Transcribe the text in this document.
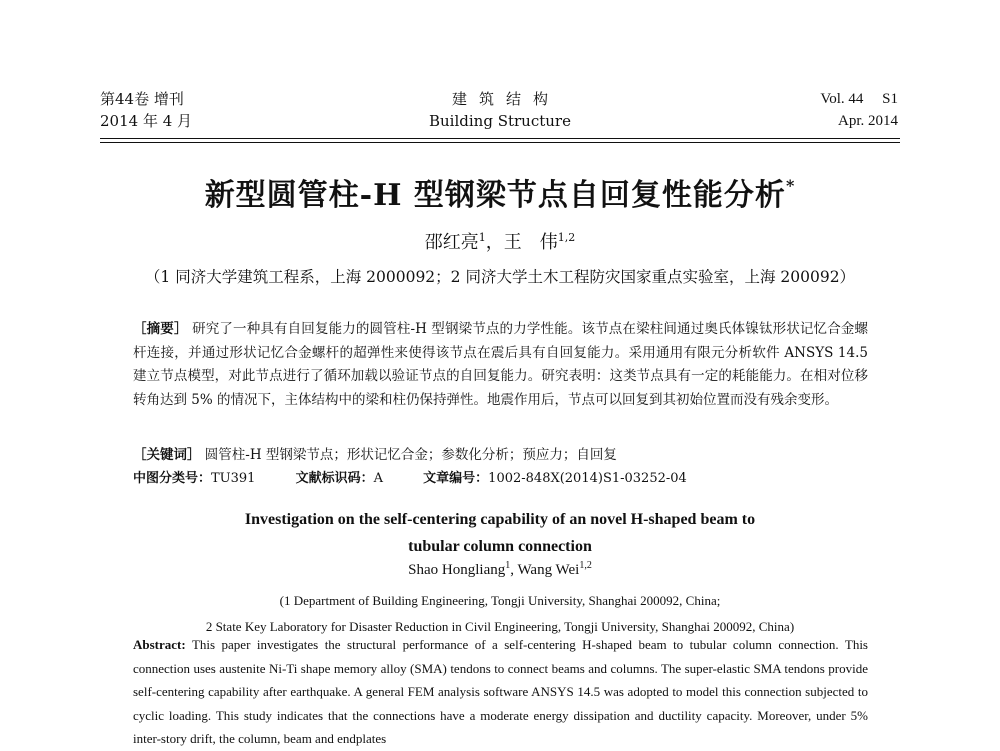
第44卷 增刊
2014 年 4 月
建筑结构
Building Structure
Vol. 44　 S1
Apr. 2014
新型圆管柱-H 型钢梁节点自回复性能分析*
邵红亮$^1$，王　伟$^{1,2}$
（1 同济大学建筑工程系，上海 2000092；2 同济大学土木工程防灾国家重点实验室，上海 200092）
［摘要］ 研究了一种具有自回复能力的圆管柱-H 型钢梁节点的力学性能。该节点在梁柱间通过奥氏体镍钛形状记忆合金螺杆连接，并通过形状记忆合金螺杆的超弹性来使得该节点在震后具有自回复能力。采用通用有限元分析软件 ANSYS 14.5 建立节点模型，对此节点进行了循环加载以验证节点的自回复能力。研究表明：这类节点具有一定的耗能能力。在相对位移转角达到 5% 的情况下，主体结构中的梁和柱仍保持弹性。地震作用后，节点可以回复到其初始位置而没有残余变形。
［关键词］ 圆管柱-H 型钢梁节点；形状记忆合金；参数化分析；预应力；自回复
中图分类号：TU391	文献标识码：A	文章编号：1002-848X(2014)S1-03252-04
Investigation on the self-centering capability of an novel H-shaped beam to
tubular column connection
Shao Hongliang$^1$, Wang Wei$^{1,2}$
(1 Department of Building Engineering, Tongji University, Shanghai 200092, China;
2 State Key Laboratory for Disaster Reduction in Civil Engineering, Tongji University, Shanghai 200092, China)
Abstract: This paper investigates the structural performance of a self-centering H-shaped beam to tubular column connection. This connection uses austenite Ni-Ti shape memory alloy (SMA) tendons to connect beams and columns. The super-elastic SMA tendons provide self-centering capability after earthquake. A general FEM analysis software ANSYS 14.5 was adopted to model this connection subjected to cyclic loading. This study indicates that the connections have a moderate energy dissipation and ductility capacity. Moreover, under 5% inter-story drift, the column, beam and endplates
